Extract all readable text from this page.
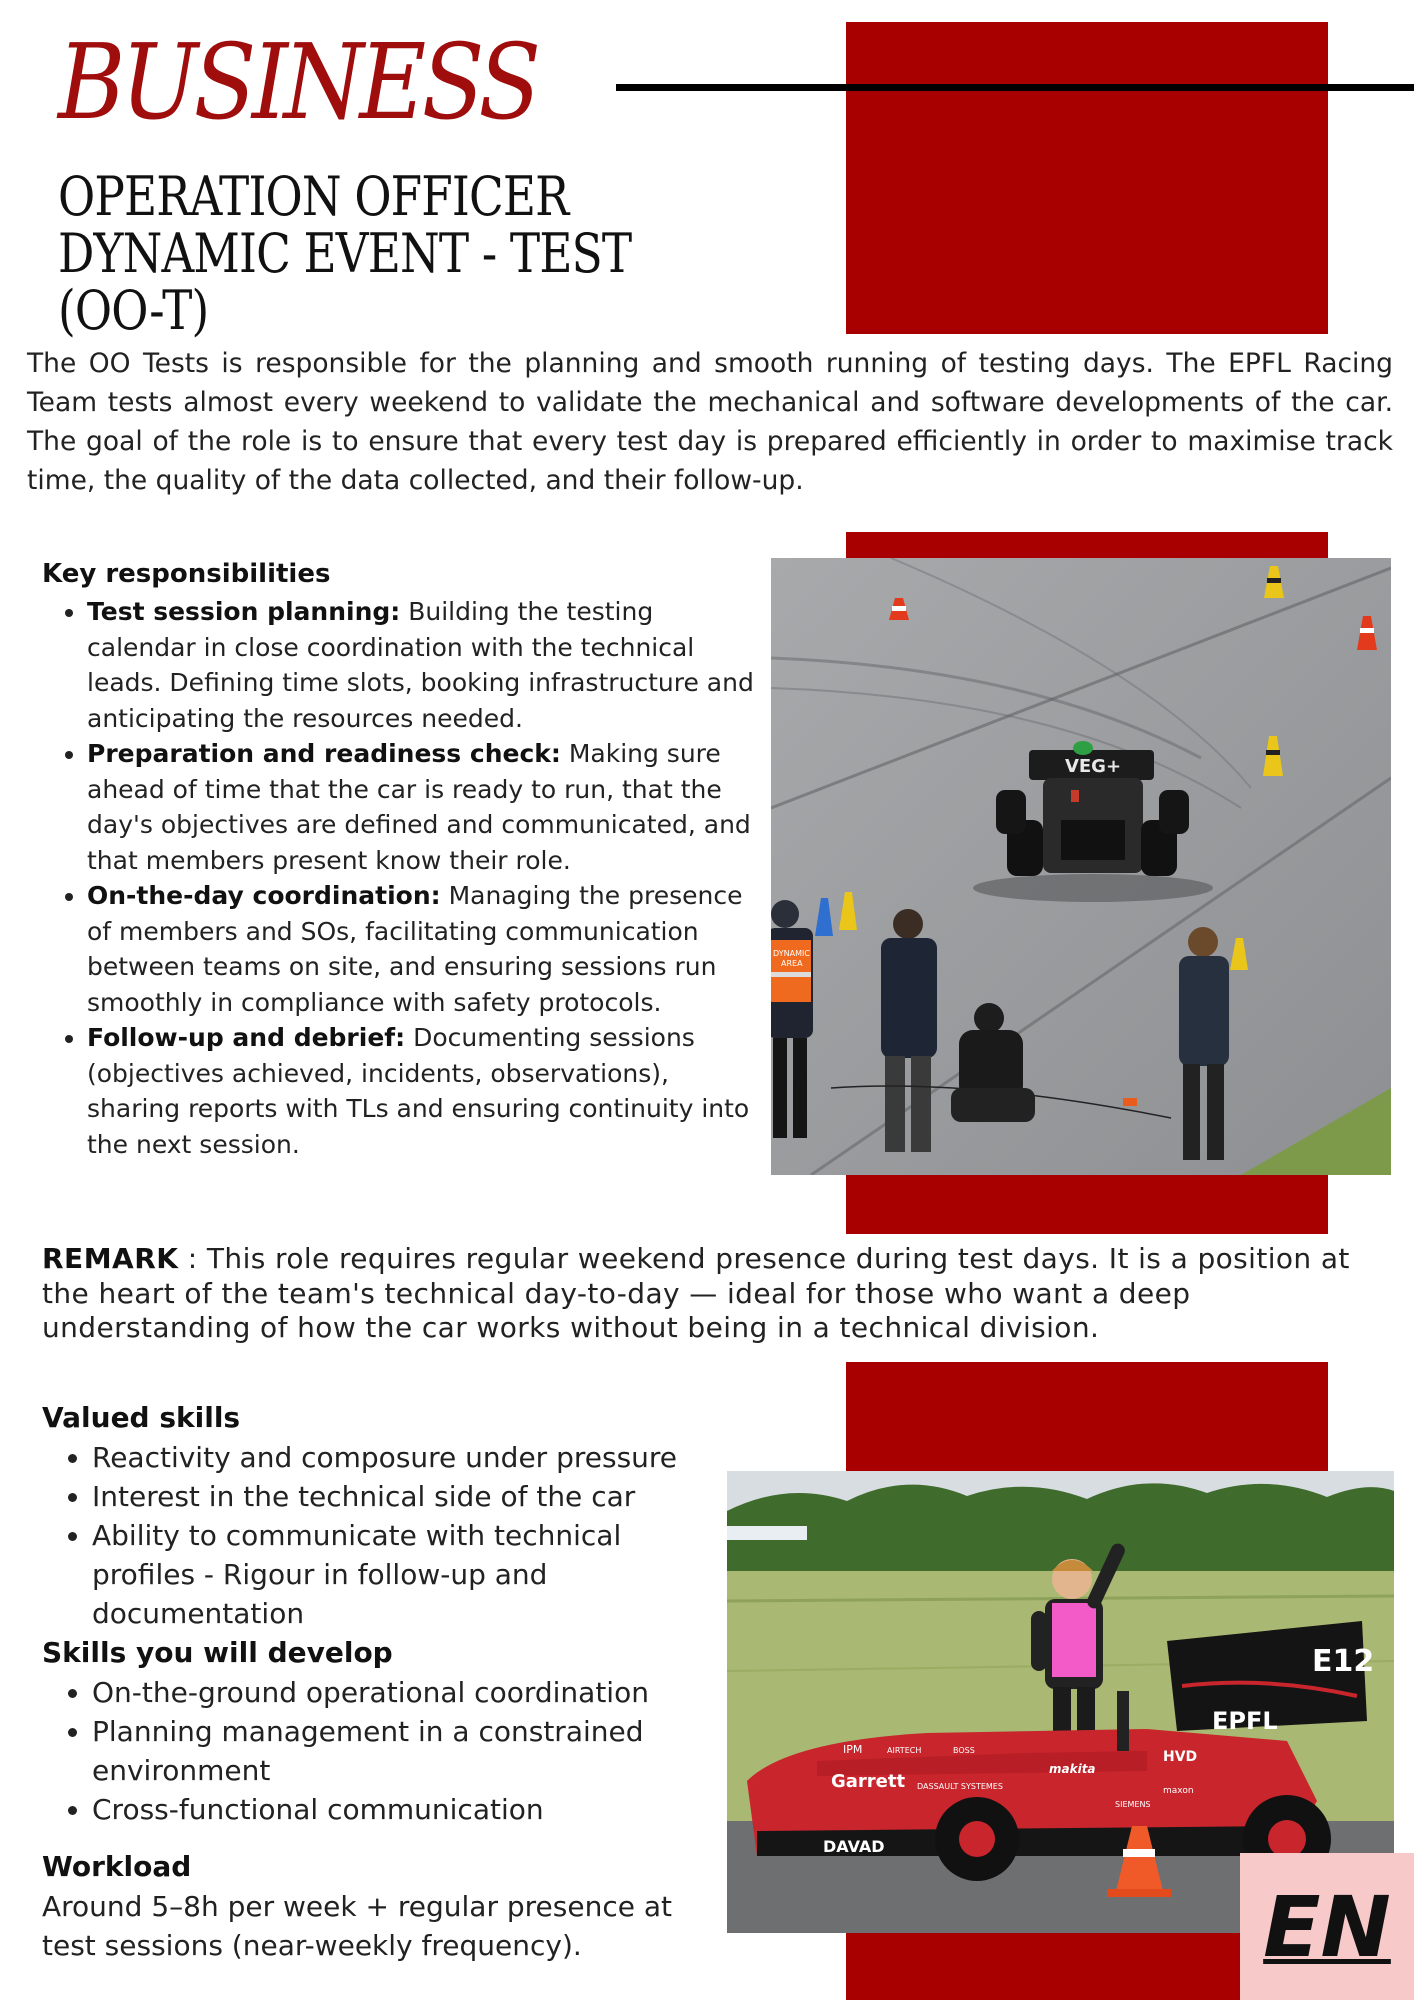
BUSINESS
OPERATION OFFICER
DYNAMIC EVENT - TEST
(OO-T)

The OO Tests is responsible for the planning and smooth running of testing days. The EPFL Racing Team tests almost every weekend to validate the mechanical and software developments of the car. The goal of the role is to ensure that every test day is prepared efficiently in order to maximise track time, the quality of the data collected, and their follow-up.

Key responsibilities

• Test session planning: Building the testing calendar in close coordination with the technical leads. Defining time slots, booking infrastructure and anticipating the resources needed.
• Preparation and readiness check: Making sure ahead of time that the car is ready to run, that the day's objectives are defined and communicated, and that members present know their role.
• On-the-day coordination: Managing the presence of members and SOs, facilitating communication between teams on site, and ensuring sessions run smoothly in compliance with safety protocols.
• Follow-up and debrief: Documenting sessions (objectives achieved, incidents, observations), sharing reports with TLs and ensuring continuity into the next session.
VEG+
DYNAMIC
AREA

REMARK : This role requires regular weekend presence during test days. It is a position at the heart of the team's technical day-to-day — ideal for those who want a deep understanding of how the car works without being in a technical division.

Valued skills

• Reactivity and composure under pressure
• Interest in the technical side of the car
• Ability to communicate with technical profiles - Rigour in follow-up and documentation

Skills you will develop

• On-the-ground operational coordination
• Planning management in a constrained environment
• Cross-functional communication

Workload

Around 5–8h per week + regular presence at test sessions (near-weekly frequency).

E12
EPFL
Garrett
DAVAD
makita
HVD
SIEMENS
maxon
DASSAULT SYSTEMES
IPM	AIRTECH	BOSS
EN
